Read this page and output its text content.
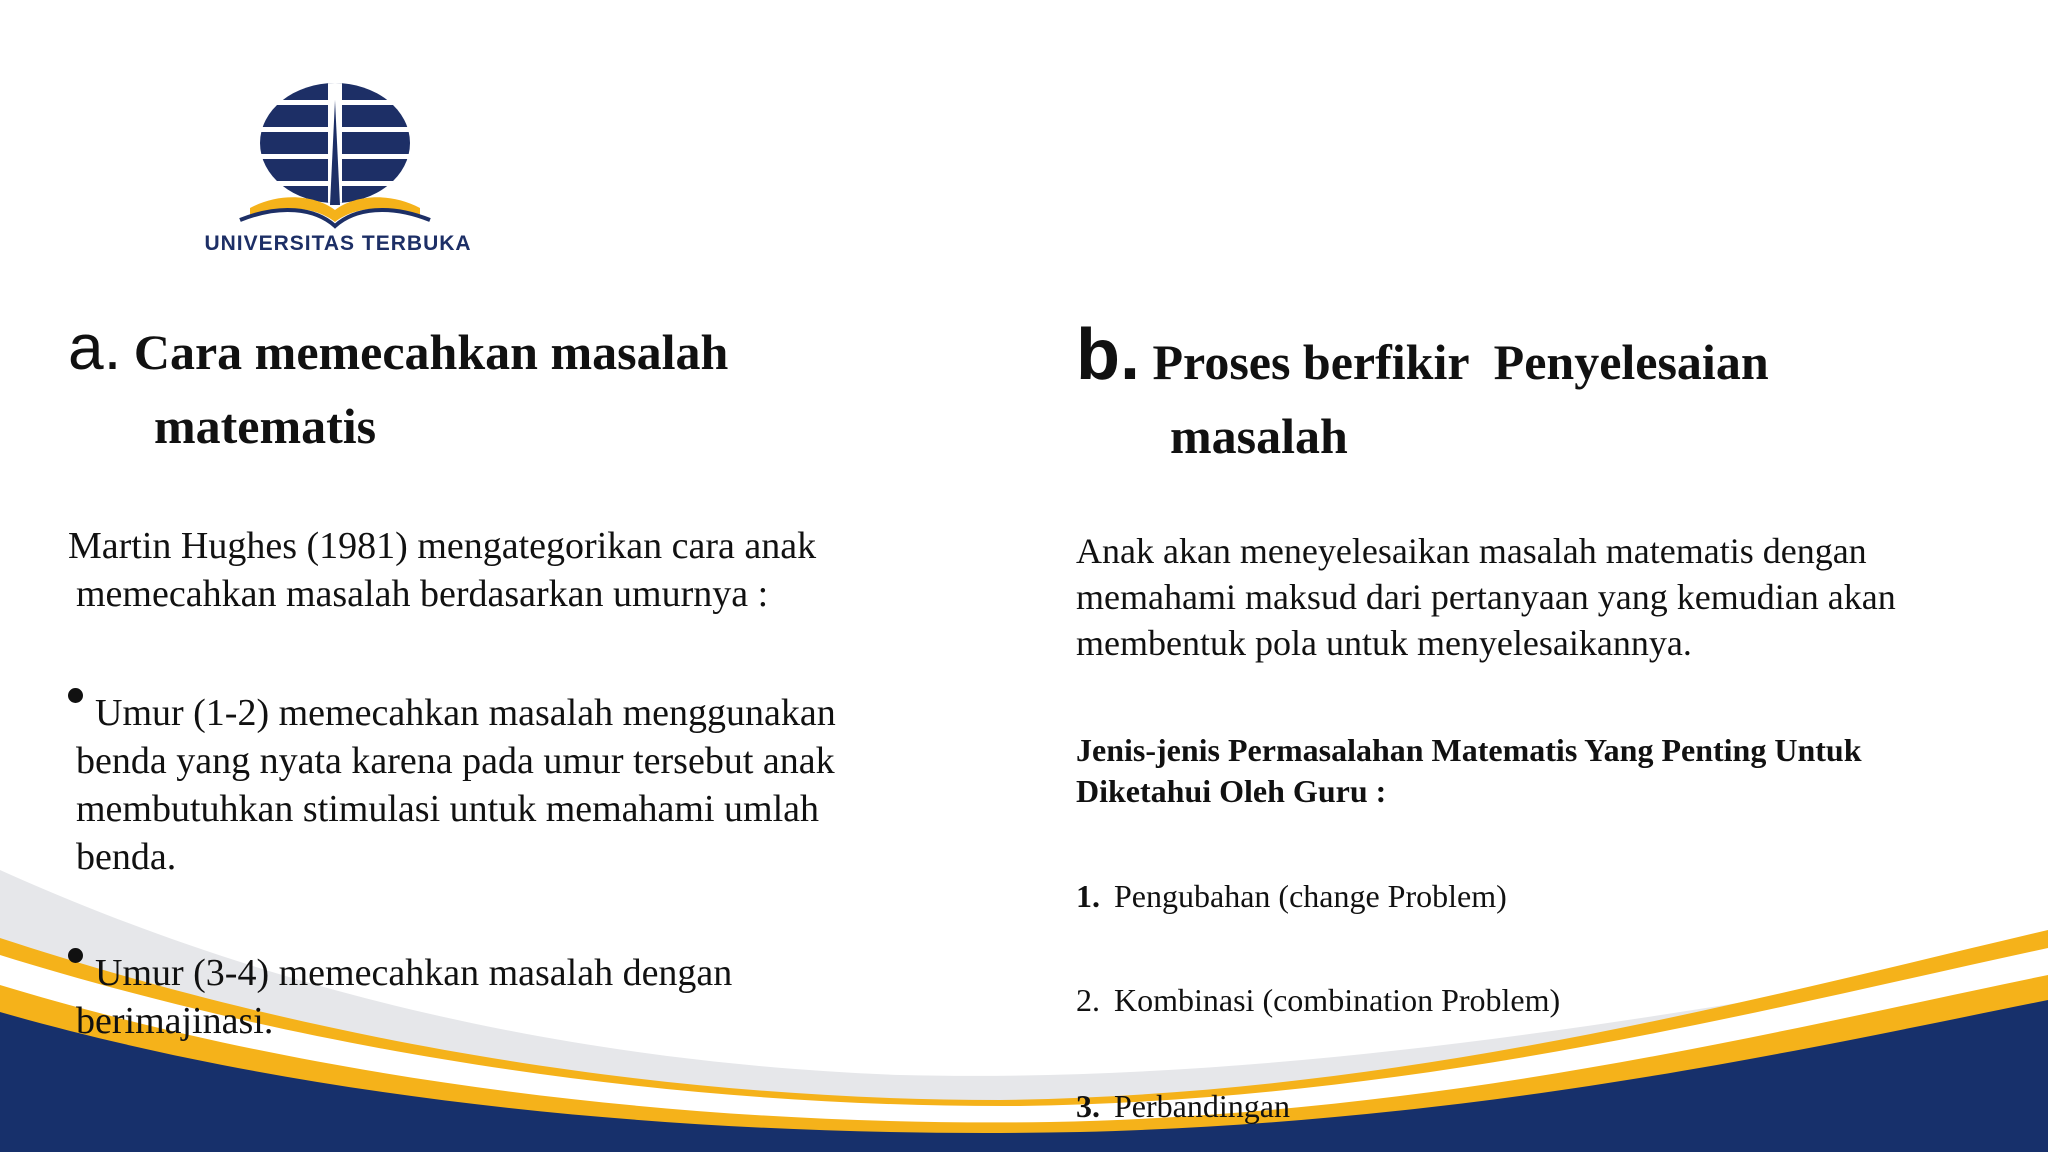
UNIVERSITAS TERBUKA
a. Cara memecahkan masalah
matematis
Martin Hughes (1981) mengategorikan cara anak
memecahkan masalah berdasarkan umurnya :
Umur (1-2) memecahkan masalah menggunakan
benda yang nyata karena pada umur tersebut anak
membutuhkan stimulasi untuk memahami umlah
benda.
Umur (3-4) memecahkan masalah dengan
berimajinasi.
b. Proses berfikir  Penyelesaian
masalah
Anak akan meneyelesaikan masalah matematis dengan
memahami maksud dari pertanyaan yang kemudian akan
membentuk pola untuk menyelesaikannya.
Jenis-jenis Permasalahan Matematis Yang Penting Untuk
Diketahui Oleh Guru :
1. Pengubahan (change Problem)
2. Kombinasi (combination Problem)
3. Perbandingan
